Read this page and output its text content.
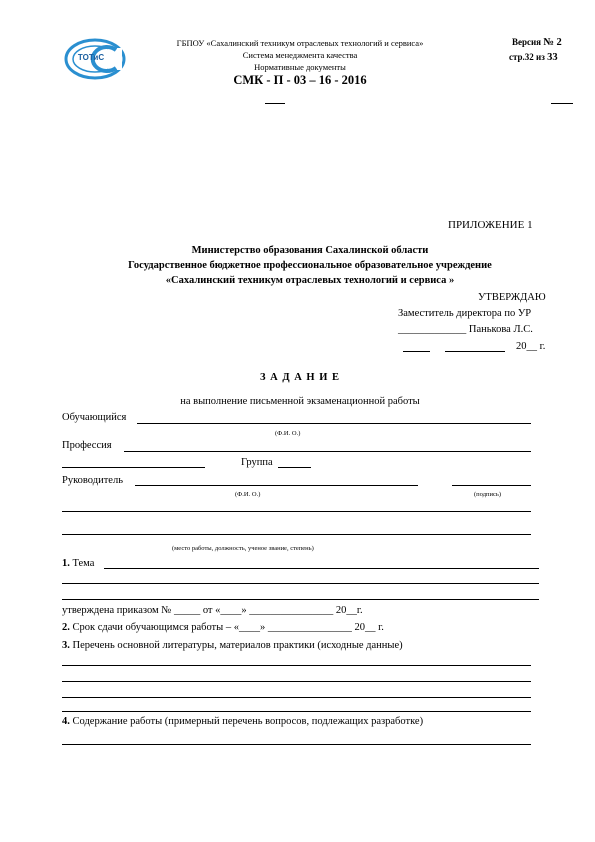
ТОТиС
ГБПОУ «Сахалинский техникум отраслевых технологий и сервиса»
Система менеджмента качества
Нормативные документы
СМК - П - 03 – 16 - 2016
Версия № 2
стр.32 из 33
ПРИЛОЖЕНИЕ 1
Министерство образования Сахалинской области
Государственное бюджетное профессиональное образовательное учреждение
«Сахалинский техникум отраслевых технологий и сервиса »
УТВЕРЖДАЮ
Заместитель директора по УР
_____________ Панькова Л.С.
20__ г.
З А Д А Н И Е
на выполнение письменной экзаменационной работы
Обучающийся
(Ф.И. О.)
Профессия
Группа
Руководитель
(Ф.И. О.)	(подпись)
(место работы, должность, ученое звание, степень)
1. Тема
утверждена приказом № _____ от «____» ________________ 20__г.
2. Срок сдачи обучающимся работы – «____» ________________ 20__ г.
3. Перечень основной литературы, материалов практики (исходные данные)
4. Содержание работы (примерный перечень вопросов, подлежащих разработке)
